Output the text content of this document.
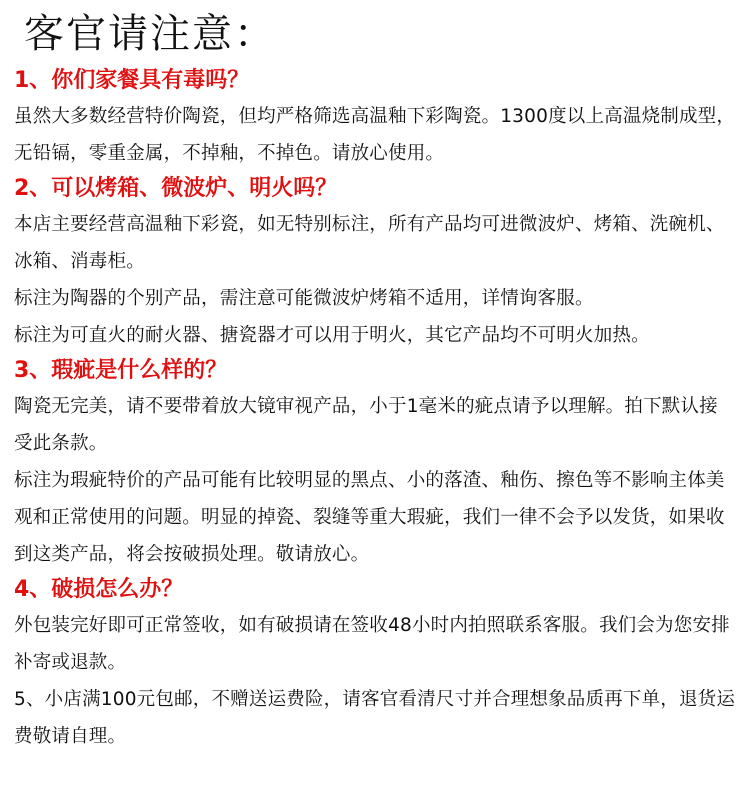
客官请注意：
1、你们家餐具有毒吗？

虽然大多数经营特价陶瓷，但均严格筛选高温釉下彩陶瓷。1300度以上高温烧制成型，无铅镉，零重金属，不掉釉，不掉色。请放心使用。

2、可以烤箱、微波炉、明火吗？

本店主要经营高温釉下彩瓷，如无特别标注，所有产品均可进微波炉、烤箱、洗碗机、冰箱、消毒柜。

标注为陶器的个别产品，需注意可能微波炉烤箱不适用，详情询客服。

标注为可直火的耐火器、搪瓷器才可以用于明火，其它产品均不可明火加热。

3、瑕疵是什么样的？

陶瓷无完美，请不要带着放大镜审视产品，小于1毫米的疵点请予以理解。拍下默认接受此条款。

标注为瑕疵特价的产品可能有比较明显的黑点、小的落渣、釉伤、擦色等不影响主体美观和正常使用的问题。明显的掉瓷、裂缝等重大瑕疵，我们一律不会予以发货，如果收到这类产品，将会按破损处理。敬请放心。

4、破损怎么办？

外包装完好即可正常签收，如有破损请在签收48小时内拍照联系客服。我们会为您安排补寄或退款。

5、小店满100元包邮，不赠送运费险，请客官看清尺寸并合理想象品质再下单，退货运费敬请自理。
